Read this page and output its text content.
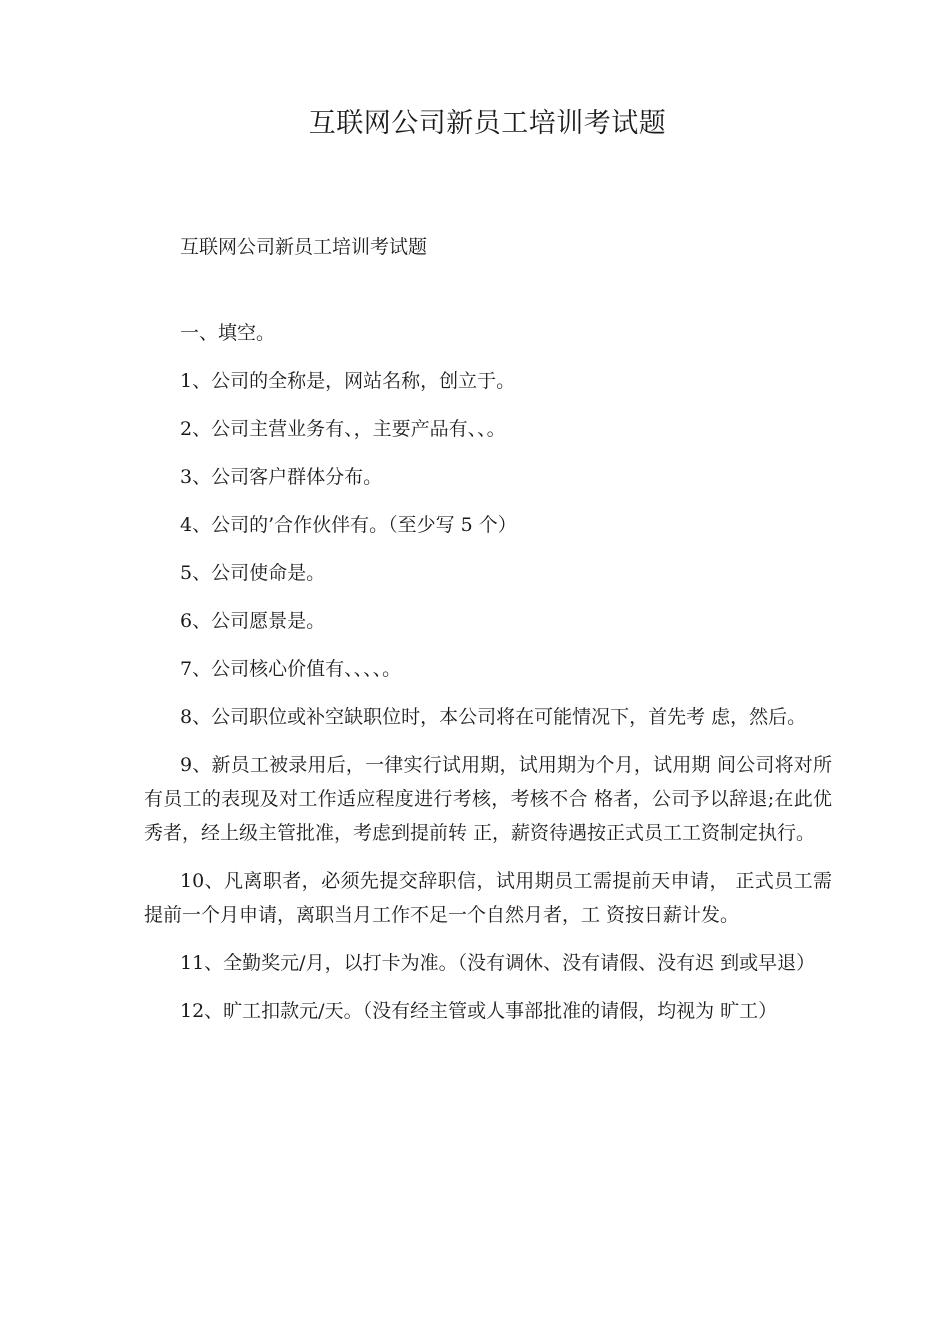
互联网公司新员工培训考试题
互联网公司新员工培训考试题

一、填空。

1、公司的全称是，网站名称，创立于。

2、公司主营业务有、，主要产品有、、。

3、公司客户群体分布。

4、公司的’合作伙伴有。（至少写 5 个）

5、公司使命是。

6、公司愿景是。

7、公司核心价值有、、、、。

8、公司职位或补空缺职位时，本公司将在可能情况下，首先考 虑，然后。

9、新员工被录用后，一律实行试用期，试用期为个月，试用期 间公司将对所有员工的表现及对工作适应程度进行考核，考核不合 格者，公司予以辞退;在此优秀者，经上级主管批准，考虑到提前转 正，薪资待遇按正式员工工资制定执行。

10、凡离职者，必须先提交辞职信，试用期员工需提前天申请， 正式员工需提前一个月申请，离职当月工作不足一个自然月者，工 资按日薪计发。

11、全勤奖元/月，以打卡为准。（没有调休、没有请假、没有迟 到或早退）

12、旷工扣款元/天。（没有经主管或人事部批准的请假，均视为 旷工）
